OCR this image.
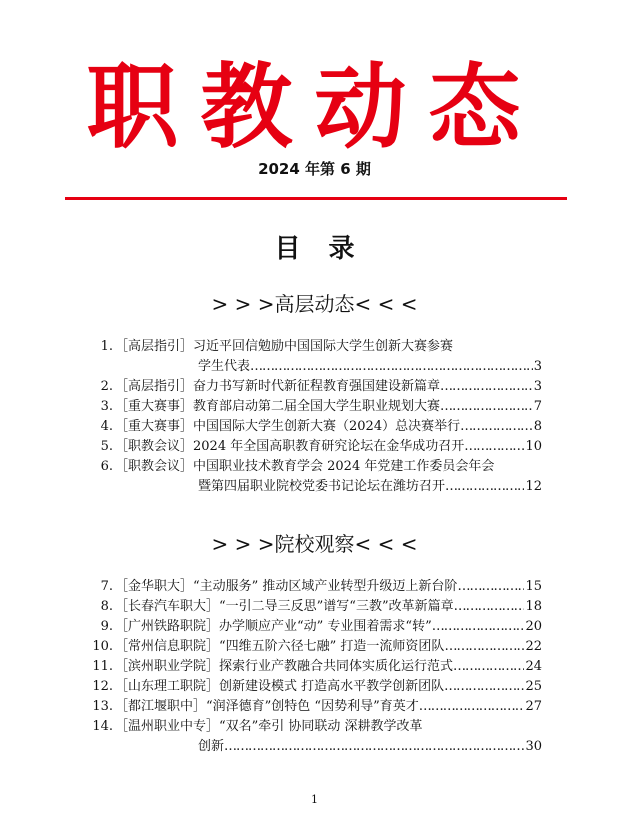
职教动态
2024 年第 6 期
目录
> > >高层动态< < <
1. ［高层指引］习近平回信勉励中国国际大学生创新大赛参赛
学生代表 ……………………………………………………………………………………………	3
2. ［高层指引］奋力书写新时代新征程教育强国建设新篇章 ……………………………………………………………………………………………	3
3. ［重大赛事］教育部启动第二届全国大学生职业规划大赛 ……………………………………………………………………………………………	7
4. ［重大赛事］中国国际大学生创新大赛（2024）总决赛举行 ……………………………………………………………………………………………	8
5. ［职教会议］2024 年全国高职教育研究论坛在金华成功召开 ……………………………………………………………………………………………	10
6. ［职教会议］中国职业技术教育学会 2024 年党建工作委员会年会
暨第四届职业院校党委书记论坛在潍坊召开 ……………………………………………………………………………………………	12
> > >院校观察< < <
7. ［金华职大］“主动服务” 推动区域产业转型升级迈上新台阶 ……………………………………………………………………………………………	15
8. ［长春汽车职大］“一引二导三反思”谱写“三教”改革新篇章 ……………………………………………………………………………………………	18
9. ［广州铁路职院］办学顺应产业“动” 专业围着需求“转” ……………………………………………………………………………………………	20
10. ［常州信息职院］“四维五阶六径七融” 打造一流师资团队 ……………………………………………………………………………………………	22
11. ［滨州职业学院］探索行业产教融合共同体实质化运行范式 ……………………………………………………………………………………………	24
12. ［山东理工职院］创新建设模式 打造高水平教学创新团队 ……………………………………………………………………………………………	25
13. ［都江堰职中］“润泽德育”创特色 “因势利导”育英才 ……………………………………………………………………………………………	27
14. ［温州职业中专］“双名”牵引 协同联动 深耕教学改革
创新 ……………………………………………………………………………………………	30
1
